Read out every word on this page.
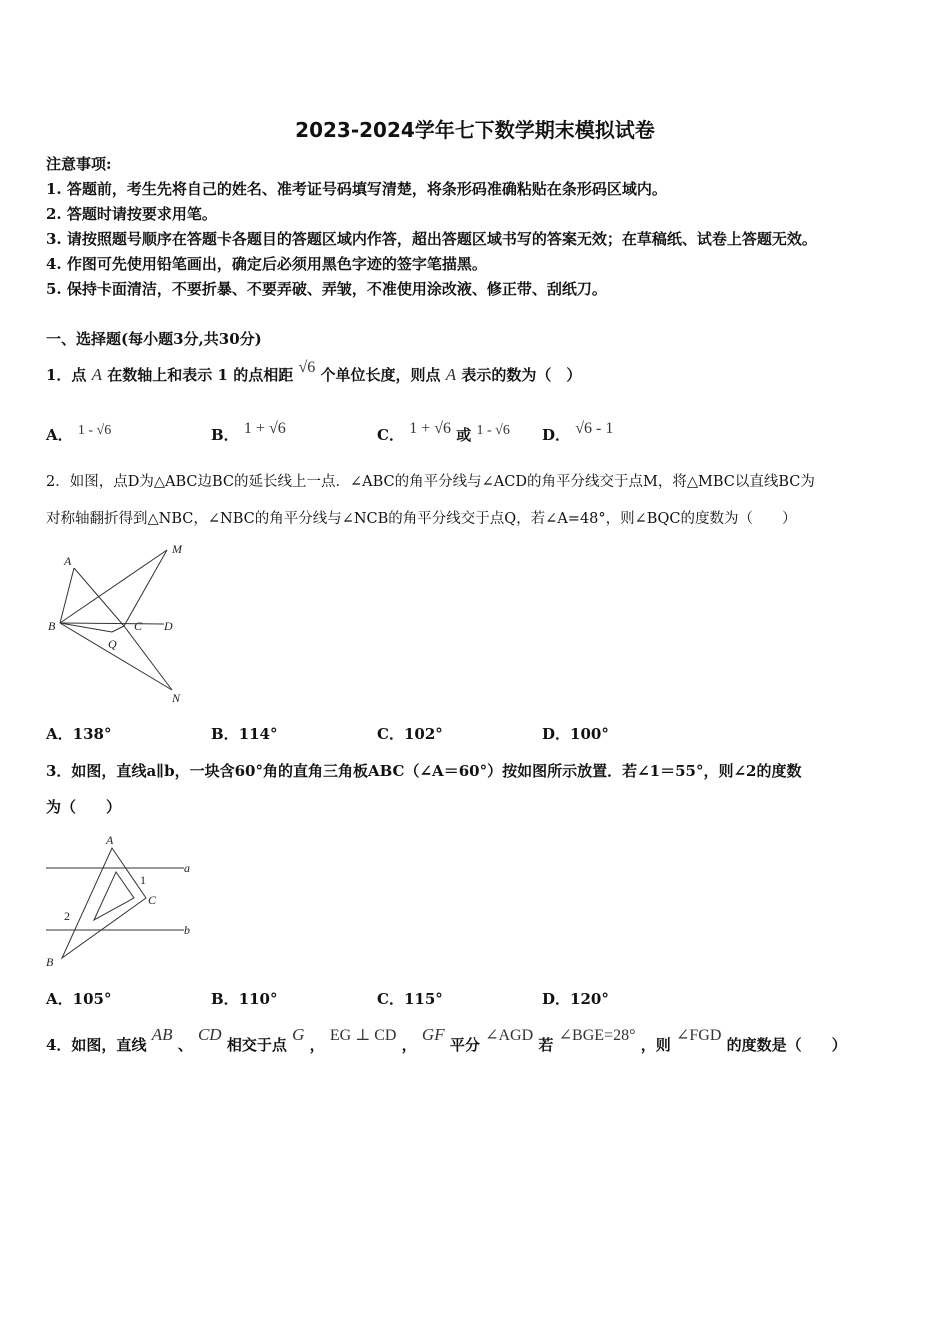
2023-2024学年七下数学期末模拟试卷
注意事项:
1. 答题前，考生先将自己的姓名、准考证号码填写清楚，将条形码准确粘贴在条形码区域内。
2. 答题时请按要求用笔。
3. 请按照题号顺序在答题卡各题目的答题区域内作答，超出答题区域书写的答案无效；在草稿纸、试卷上答题无效。
4. 作图可先使用铅笔画出，确定后必须用黑色字迹的签字笔描黑。
5. 保持卡面清洁，不要折暴、不要弄破、弄皱，不准使用涂改液、修正带、刮纸刀。
一、选择题(每小题3分,共30分)
1．点 A 在数轴上和表示 1 的点相距 √6 个单位长度，则点 A 表示的数为（　）
A． 1 - √6	B． 1 + √6	C． 1 + √6 或 1 - √6 D． √6 - 1
2．如图，点D为△ABC边BC的延长线上一点．∠ABC的角平分线与∠ACD的角平分线交于点M，将△MBC以直线BC为
对称轴翻折得到△NBC，∠NBC的角平分线与∠NCB的角平分线交于点Q，若∠A=48°，则∠BQC的度数为（　　）
A
M
B	C D
Q
N
A．138°	B．114°	C．102°	D．100°
3．如图，直线a∥b，一块含60°角的直角三角板ABC（∠A＝60°）按如图所示放置．若∠1＝55°，则∠2的度数
为（　　）
A
a
1
C
2
b
B
A．105°	B．110°	C．115°	D．120°
4．如图，直线 AB 、 CD 相交于点 G ， EG ⊥ CD ， GF 平分 ∠AGD 若 ∠BGE=28° ，则 ∠FGD 的度数是（　　）
